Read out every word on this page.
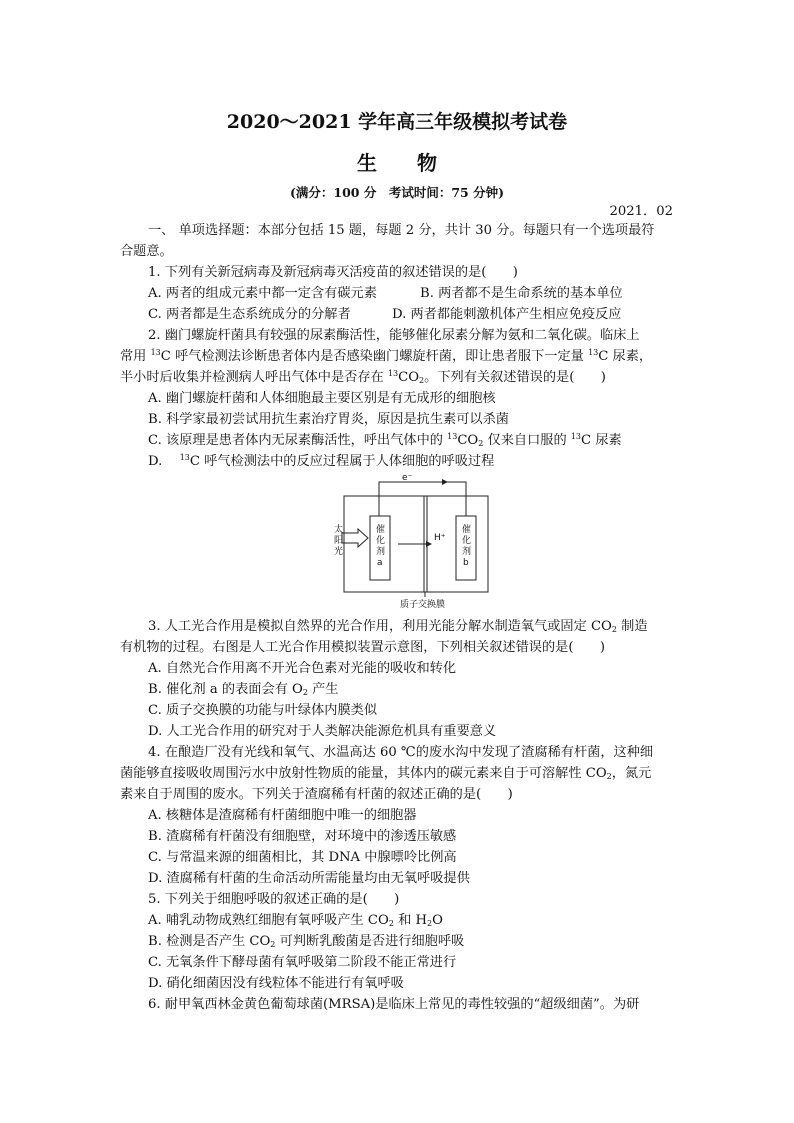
2020～2021 学年高三年级模拟考试卷
生　　物
(满分：100 分　考试时间：75 分钟)
2021．02
一、 单项选择题：本部分包括 15 题，每题 2 分，共计 30 分。每题只有一个选项最符
合题意。
1. 下列有关新冠病毒及新冠病毒灭活疫苗的叙述错误的是(　　)
A. 两者的组成元素中都一定含有碳元素	B. 两者都不是生命系统的基本单位
C. 两者都是生态系统成分的分解者	D. 两者都能刺激机体产生相应免疫反应
2. 幽门螺旋杆菌具有较强的尿素酶活性，能够催化尿素分解为氨和二氧化碳。临床上
常用 $^{13}$C 呼气检测法诊断患者体内是否感染幽门螺旋杆菌，即让患者服下一定量 $^{13}$C 尿素，
半小时后收集并检测病人呼出气体中是否存在 $^{13}CO_2$。下列有关叙述错误的是(　　)
A. 幽门螺旋杆菌和人体细胞最主要区别是有无成形的细胞核
B. 科学家最初尝试用抗生素治疗胃炎，原因是抗生素可以杀菌
C. 该原理是患者体内无尿素酶活性，呼出气体中的 $^{13}CO_2$ 仅来自口服的 $^{13}$C 尿素
D. 　$^{13}$C 呼气检测法中的反应过程属于人体细胞的呼吸过程
e⁻
H⁺
太
阳
光
催
化
剂
a
催
化
剂
b
质子交换膜
3. 人工光合作用是模拟自然界的光合作用，利用光能分解水制造氧气或固定 $CO_2$ 制造
有机物的过程。右图是人工光合作用模拟装置示意图，下列相关叙述错误的是(　　)
A. 自然光合作用离不开光合色素对光能的吸收和转化
B. 催化剂 a 的表面会有 $O_2$ 产生
C. 质子交换膜的功能与叶绿体内膜类似
D. 人工光合作用的研究对于人类解决能源危机具有重要意义
4. 在酿造厂没有光线和氧气、水温高达 60 ℃的废水沟中发现了渣腐稀有杆菌，这种细
菌能够直接吸收周围污水中放射性物质的能量，其体内的碳元素来自于可溶解性 $CO_2$，氮元
素来自于周围的废水。下列关于渣腐稀有杆菌的叙述正确的是(　　)
A. 核糖体是渣腐稀有杆菌细胞中唯一的细胞器
B. 渣腐稀有杆菌没有细胞壁，对环境中的渗透压敏感
C. 与常温来源的细菌相比，其 DNA 中腺嘌呤比例高
D. 渣腐稀有杆菌的生命活动所需能量均由无氧呼吸提供
5. 下列关于细胞呼吸的叙述正确的是(　　)
A. 哺乳动物成熟红细胞有氧呼吸产生 $CO_2$ 和 $H_2O$
B. 检测是否产生 $CO_2$ 可判断乳酸菌是否进行细胞呼吸
C. 无氧条件下酵母菌有氧呼吸第二阶段不能正常进行
D. 硝化细菌因没有线粒体不能进行有氧呼吸
6. 耐甲氧西林金黄色葡萄球菌(MRSA)是临床上常见的毒性较强的“超级细菌”。为研
